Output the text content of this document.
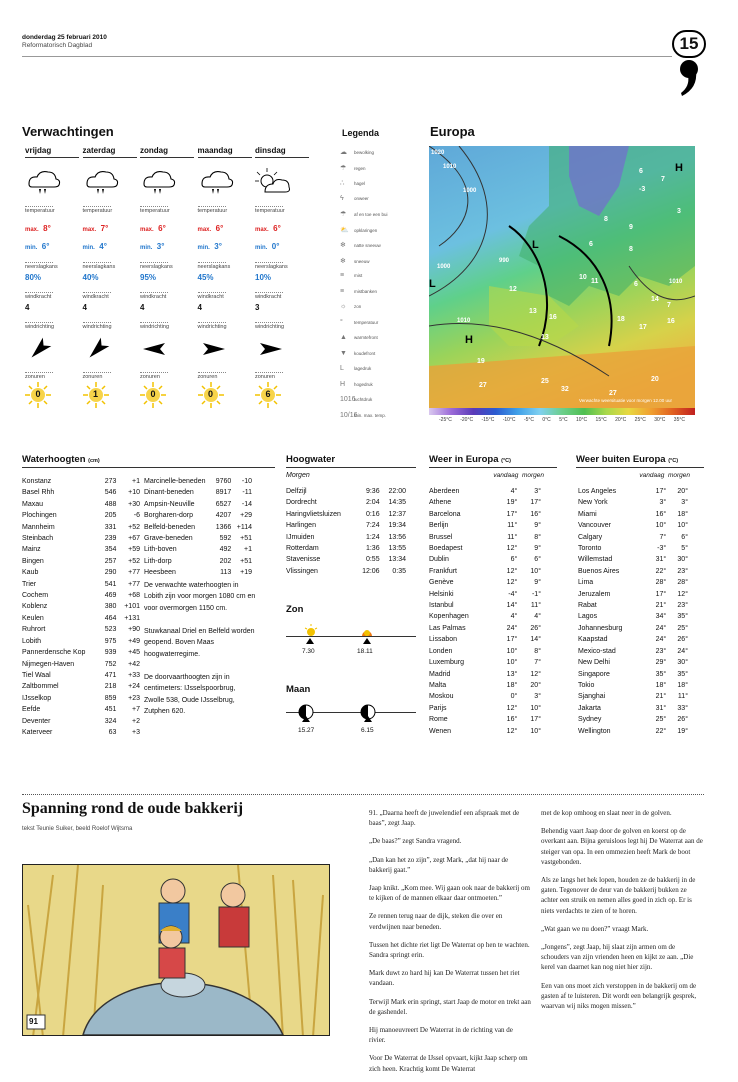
donderdag 25 februari 2010
Reformatorisch Dagblad	15
Verwachtingen
vrijdag
temperatuur
max. 8°
min. 6°
neerslagkans
80%
windkracht
4
windrichting
zonuren
0
zaterdag
temperatuur
max. 7°
min. 4°
neerslagkans
40%
windkracht
4
windrichting
zonuren
1
zondag
temperatuur
max. 6°
min. 3°
neerslagkans
95%
windkracht
4
windrichting
zonuren
0
maandag
temperatuur
max. 6°
min. 3°
neerslagkans
45%
windkracht
4
windrichting
zonuren
0
dinsdag
temperatuur
max. 6°
min. 0°
neerslagkans
10%
windkracht
3
windrichting
zonuren
6
Legenda
☁ bewolking
☂ regen
∴ hagel
ϟ onweer
☂ af en toe een bui
⛅ opklaringen
❄ natte sneeuw
❄ sneeuw
≡ mist
≡ mistbanken
☼ zon
° temperatuur
▲ warmtefront
▼ koudefront
L lagedruk
H hogedruk
1016luchtdruk
10/16min. max. temp.
Europa
1020
1010
1000
1000
990
1010
1010
L
L
H
H
6
7
3
-3
8
9
6
8
10
11	6
12
13
16	18
17
14
7
16
13
19
27
25
32
27
20
Verwachte weersituatie voor morgen 12.00 uur
-25°C -20°C -15°C -10°C -5°C 0°C 5°C 10°C 15°C 20°C 25°C 30°C 35°C
Waterhoogten (cm)
Konstanz	273	+1
Basel Rhh	546	+10
Maxau	488	+30
Plochingen	205	-6
Mannheim	331	+52
Steinbach	239	+67
Mainz	354	+59
Bingen	257	+52
Kaub	290	+77
Trier	541	+77
Cochem	469	+68
Koblenz	380	+101
Keulen	464	+131
Ruhrort	523	+90
Lobith	975	+49
Pannerdensche Kop	939	+45
Nijmegen-Haven	752	+42
Tiel Waal	471	+33
Zaltbommel	218	+24
IJsselkop	859	+23
Eefde	451	+7
Deventer	324	+2
Katerveer	63	+3
Marcinelle-beneden	9760	-10
Dinant-beneden	8917	-11
Ampsin-Neuville	6527	-14
Borgharen-dorp	4207	+29
Belfeld-beneden	1366	+114
Grave-beneden	592	+51
Lith-boven	492	+1
Lith-dorp	202	+51
Heesbeen	113	+19
De verwachte waterhoogten in Lobith zijn voor morgen 1080 cm en voor overmorgen 1150 cm.
Stuwkanaal Driel en Belfeld worden geopend. Boven Maas hoogwaterregime.
De doorvaarthoogten zijn in centimeters: IJsselspoorbrug, Zwolle 538, Oude IJsselbrug, Zutphen 620.
Hoogwater
Morgen
Delfzijl	9:36	22:00
Dordrecht	2:04	14:35
Haringvlietsluizen	0:16	12:37
Harlingen	7:24	19:34
IJmuiden	1:24	13:56
Rotterdam	1:36	13:55
Stavenisse	0:55	13:34
Vlissingen	12:06	0:35
Zon
7.30	18.11
Maan
15.27	6.15
Weer in Europa (°C)
vandaag morgen
Aberdeen	4°	3°
Athene	19°	17°
Barcelona	17°	16°
Berlijn	11°	9°
Brussel	11°	8°
Boedapest	12°	9°
Dublin	6°	6°
Frankfurt	12°	10°
Genève	12°	9°
Helsinki	-4°	-1°
Istanbul	14°	11°
Kopenhagen	4°	4°
Las Palmas	24°	26°
Lissabon	17°	14°
Londen	10°	8°
Luxemburg	10°	7°
Madrid	13°	12°
Malta	18°	20°
Moskou	0°	3°
Parijs	12°	10°
Rome	16°	17°
Wenen	12°	10°
Weer buiten Europa (°C)
vandaag morgen
Los Angeles	17°	20°
New York	3°	3°
Miami	16°	18°
Vancouver	10°	10°
Calgary	7°	6°
Toronto	-3°	5°
Willemstad	31°	30°
Buenos Aires	22°	23°
Lima	28°	28°
Jeruzalem	17°	12°
Rabat	21°	23°
Lagos	34°	35°
Johannesburg	24°	25°
Kaapstad	24°	26°
Mexico-stad	23°	24°
New Delhi	29°	30°
Singapore	35°	35°
Tokio	18°	18°
Sjanghai	21°	11°
Jakarta	31°	33°
Sydney	25°	26°
Wellington	22°	19°
Spanning rond de oude bakkerij
tekst Teunie Suiker, beeld Roelof Wijtsma
91

91. „Daarna heeft de juwelendief een afspraak met de baas”, zegt Jaap.

„De baas?” zegt Sandra vragend.

„Dan kan het zo zijn”, zegt Mark, „dat hij naar de bakkerij gaat.”

Jaap knikt. „Kom mee. Wij gaan ook naar de bakkerij om te kijken of de mannen elkaar daar ontmoeten.”

Ze rennen terug naar de dijk, steken die over en verdwijnen naar beneden.

Tussen het dichte riet ligt De Waterrat op hen te wachten. Sandra springt erin.

Mark duwt zo hard hij kan De Waterrat tussen het riet vandaan.

Terwijl Mark erin springt, start Jaap de motor en trekt aan de gashendel.

Hij manoeuvreert De Waterrat in de richting van de rivier.

Voor De Waterrat de IJssel opvaart, kijkt Jaap scherp om zich heen. Krachtig komt De Waterrat

met de kop omhoog en slaat neer in de golven.

Behendig vaart Jaap door de golven en koerst op de overkant aan. Bijna geruisloos legt hij De Waterrat aan de steiger van opa. In een ommezien heeft Mark de boot vastgebonden.

Als ze langs het hek lopen, houden ze de bakkerij in de gaten. Tegenover de deur van de bakkerij bukken ze achter een struik en nemen alles goed in zich op. Er is niets verdachts te zien of te horen.

„Wat gaan we nu doen?” vraagt Mark.

„Jongens”, zegt Jaap, hij slaat zijn armen om de schouders van zijn vrienden heen en kijkt ze aan. „Die kerel van daarnet kan nog niet hier zijn.

Een van ons moet zich verstoppen in de bakkerij om de gasten af te luisteren. Dit wordt een belangrijk gesprek, waarvan wij niks mogen missen.”
